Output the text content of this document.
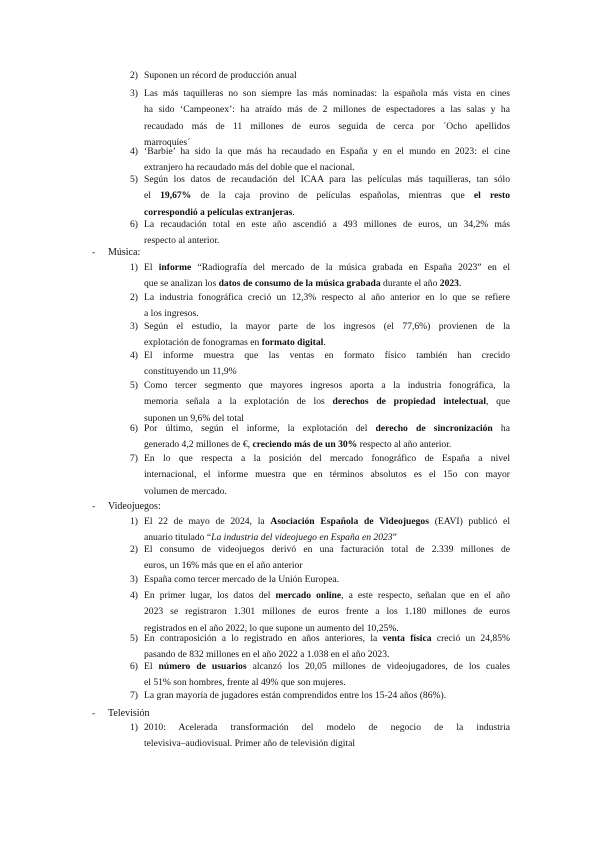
2) Suponen un récord de producción anual
3) Las más taquilleras no son siempre las más nominadas: la española más vista en cines
ha sido ‘Campeonex’: ha atraído más de 2 millones de espectadores a las salas y ha
recaudado más de 11 millones de euros seguida de cerca por ´Ocho apellidos
marroquíes´
4) ‘Barbie’ ha sido la que más ha recaudado en España y en el mundo en 2023: el cine
extranjero ha recaudado más del doble que el nacional.
5) Según los datos de recaudación del ICAA para las películas más taquilleras, tan sólo
el 19,67% de la caja provino de películas españolas, mientras que el resto
correspondió a películas extranjeras.
6) La recaudación total en este año ascendió a 493 millones de euros, un 34,2% más
respecto al anterior.
- Música:
1) El informe “Radiografía del mercado de la música grabada en España 2023” en el
que se analizan los datos de consumo de la música grabada durante el año 2023.
2) La industria fonográfica creció un 12,3% respecto al año anterior en lo que se refiere
a los ingresos.
3) Según el estudio, la mayor parte de los ingresos (el 77,6%) provienen de la
explotación de fonogramas en formato digital.
4) El informe muestra que las ventas en formato físico también han crecido
constituyendo un 11,9%
5) Como tercer segmento que mayores ingresos aporta a la industria fonográfica, la
memoria señala a la explotación de los derechos de propiedad intelectual, que
suponen un 9,6% del total
6) Por último, según el informe, la explotación del derecho de sincronización ha
generado 4,2 millones de €, creciendo más de un 30% respecto al año anterior.
7) En lo que respecta a la posición del mercado fonográfico de España a nivel
internacional, el informe muestra que en términos absolutos es el 15o con mayor
volumen de mercado.
- Videojuegos:
1) El 22 de mayo de 2024, la Asociación Española de Videojuegos (EAVI) publicó el
anuario titulado “La industria del videojuego en España en 2023”
2) El consumo de videojuegos derivó en una facturación total de 2.339 millones de
euros, un 16% más que en el año anterior
3) España como tercer mercado de la Unión Europea.
4) En primer lugar, los datos del mercado online, a este respecto, señalan que en el año
2023 se registraron 1.301 millones de euros frente a los 1.180 millones de euros
registrados en el año 2022, lo que supone un aumento del 10,25%.
5) En contraposición a lo registrado en años anteriores, la venta física creció un 24,85%
pasando de 832 millones en el año 2022 a 1.038 en el año 2023.
6) El número de usuarios alcanzó los 20,05 millones de videojugadores, de los cuales
el 51% son hombres, frente al 49% que son mujeres.
7) La gran mayoría de jugadores están comprendidos entre los 15-24 años (86%).
- Televisión
1) 2010: Acelerada transformación del modelo de negocio de la industria
televisiva–audiovisual. Primer año de televisión digital
